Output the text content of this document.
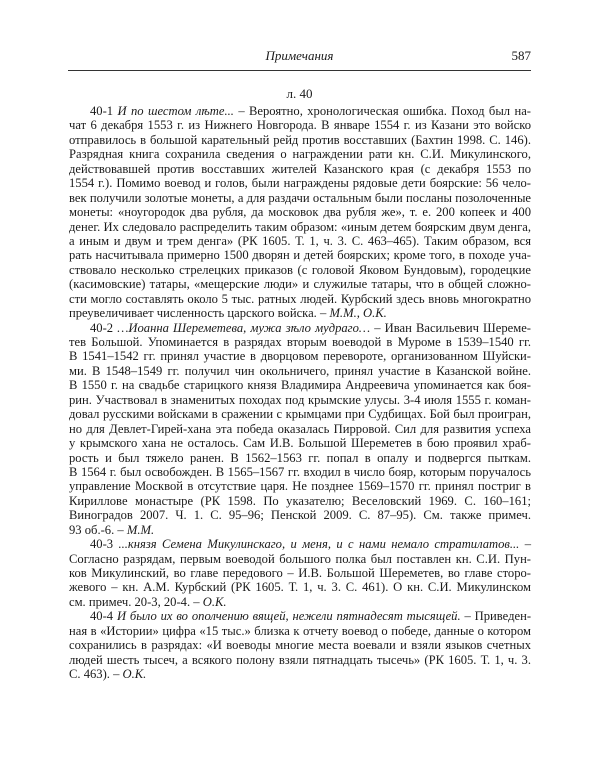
Примечания	587
л. 40
40-1 И по шестом лѣте... – Вероятно, хронологическая ошибка. Поход был на-
чат 6 декабря 1553 г. из Нижнего Новгорода. В январе 1554 г. из Казани это войско
отправилось в большой карательный рейд против восставших (Бахтин 1998. С. 146).
Разрядная книга сохранила сведения о награждении рати кн. С.И. Микулинского,
действовавшей против восставших жителей Казанского края (с декабря 1553 по
1554 г.). Помимо воевод и голов, были награждены рядовые дети боярские: 56 чело-
век получили золотые монеты, а для раздачи остальным были посланы позолоченные
монеты: «ноугородок два рубля, да московок два рубля же», т. е. 200 копеек и 400
денег. Их следовало распределить таким образом: «иным детем боярским двум денга,
а иным и двум и трем денга» (РК 1605. Т. 1, ч. 3. С. 463–465). Таким образом, вся
рать насчитывала примерно 1500 дворян и детей боярских; кроме того, в походе уча-
ствовало несколько стрелецких приказов (с головой Яковом Бундовым), городецкие
(касимовские) татары, «мещерские люди» и служилые татары, что в общей сложно-
сти могло составлять около 5 тыс. ратных людей. Курбский здесь вновь многократно
преувеличивает численность царского войска. – М.М., О.К.
40-2 …Иоанна Шереметева, мужа зѣло мудраго… – Иван Васильевич Шереме-
тев Большой. Упоминается в разрядах вторым воеводой в Муроме в 1539–1540 гг.
В 1541–1542 гг. принял участие в дворцовом перевороте, организованном Шуйски-
ми. В 1548–1549 гг. получил чин окольничего, принял участие в Казанской войне.
В 1550 г. на свадьбе старицкого князя Владимира Андреевича упоминается как боя-
рин. Участвовал в знаменитых походах под крымские улусы. 3-4 июля 1555 г. коман-
довал русскими войсками в сражении с крымцами при Судбищах. Бой был проигран,
но для Девлет-Гирей-хана эта победа оказалась Пирровой. Сил для развития успеха
у крымского хана не осталось. Сам И.В. Большой Шереметев в бою проявил храб-
рость и был тяжело ранен. В 1562–1563 гг. попал в опалу и подвергся пыткам.
В 1564 г. был освобожден. В 1565–1567 гг. входил в число бояр, которым поручалось
управление Москвой в отсутствие царя. Не позднее 1569–1570 гг. принял постриг в
Кирилловe монастыре (РК 1598. По указателю; Веселовский 1969. С. 160–161;
Виноградов 2007. Ч. 1. С. 95–96; Пенской 2009. С. 87–95). См. также примеч.
93 об.-6. – М.М.
40-3 ...князя Семена Микулинскаго, и меня, и с нами немало стратилатов... –
Согласно разрядам, первым воеводой большого полка был поставлен кн. С.И. Пун-
ков Микулинский, во главе передового – И.В. Большой Шереметев, во главе сторо-
жевого – кн. А.М. Курбский (РК 1605. Т. 1, ч. 3. С. 461). О кн. С.И. Микулинском
см. примеч. 20-3, 20-4. – О.К.
40-4 И было их во ополчению вящей, нежели пятнадесят тысящей. – Приведен-
ная в «Истории» цифра «15 тыс.» близка к отчету воевод о победе, данные о котором
сохранились в разрядах: «И воеводы многие места воевали и взяли языков счетных
людей шесть тысеч, а всякого полону взяли пятнадцать тысечь» (РК 1605. Т. 1, ч. 3.
С. 463). – О.К.
